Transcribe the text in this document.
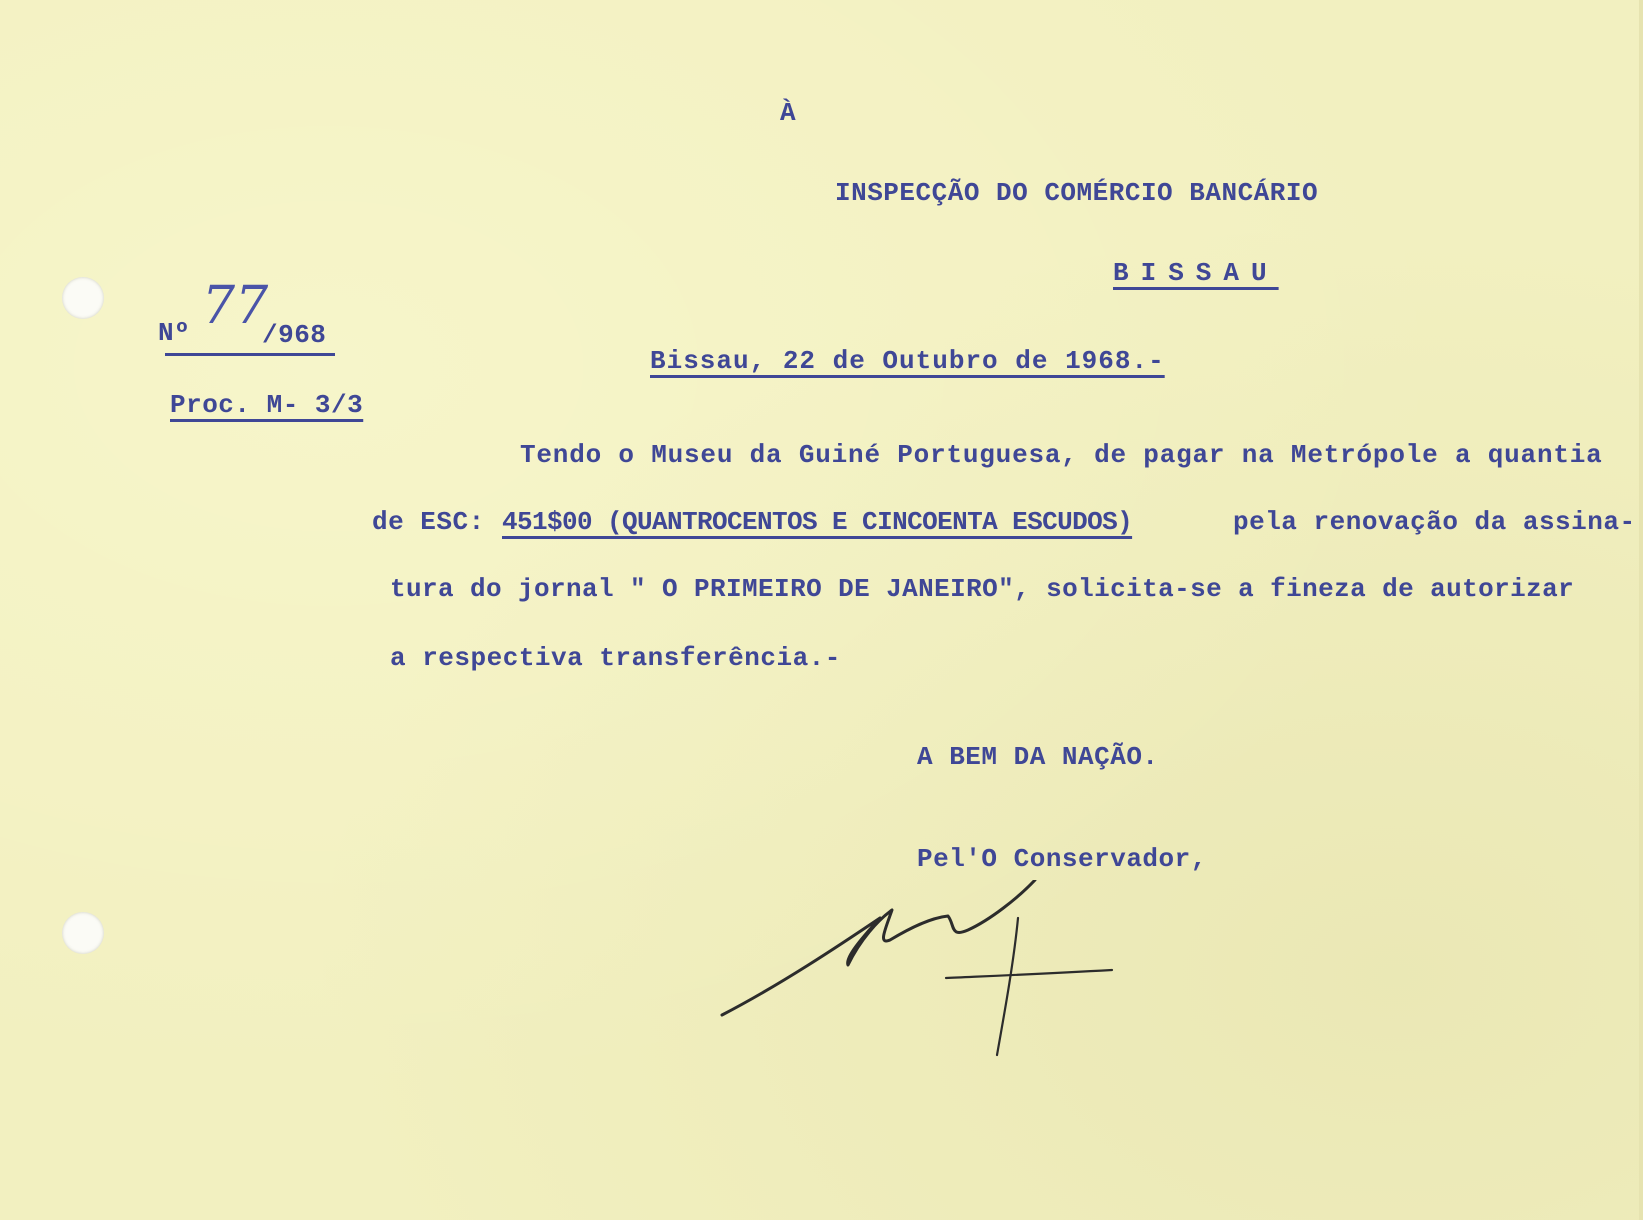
À
INSPECÇÃO DO COMÉRCIO BANCÁRIO
BISSAU
Nº 77
/968
Proc. M- 3/3
Bissau, 22 de Outubro de 1968.-
Tendo o Museu da Guiné Portuguesa, de pagar na Metrópole a quantia
de ESC: 451$00 (QUANTROCENTOS E CINCOENTA ESCUDOS)	pela renovação da assina-
tura do jornal " O PRIMEIRO DE JANEIRO", solicita-se a fineza de autorizar
a respectiva transferência.-
A BEM DA NAÇÃO.
Pel'O Conservador,
